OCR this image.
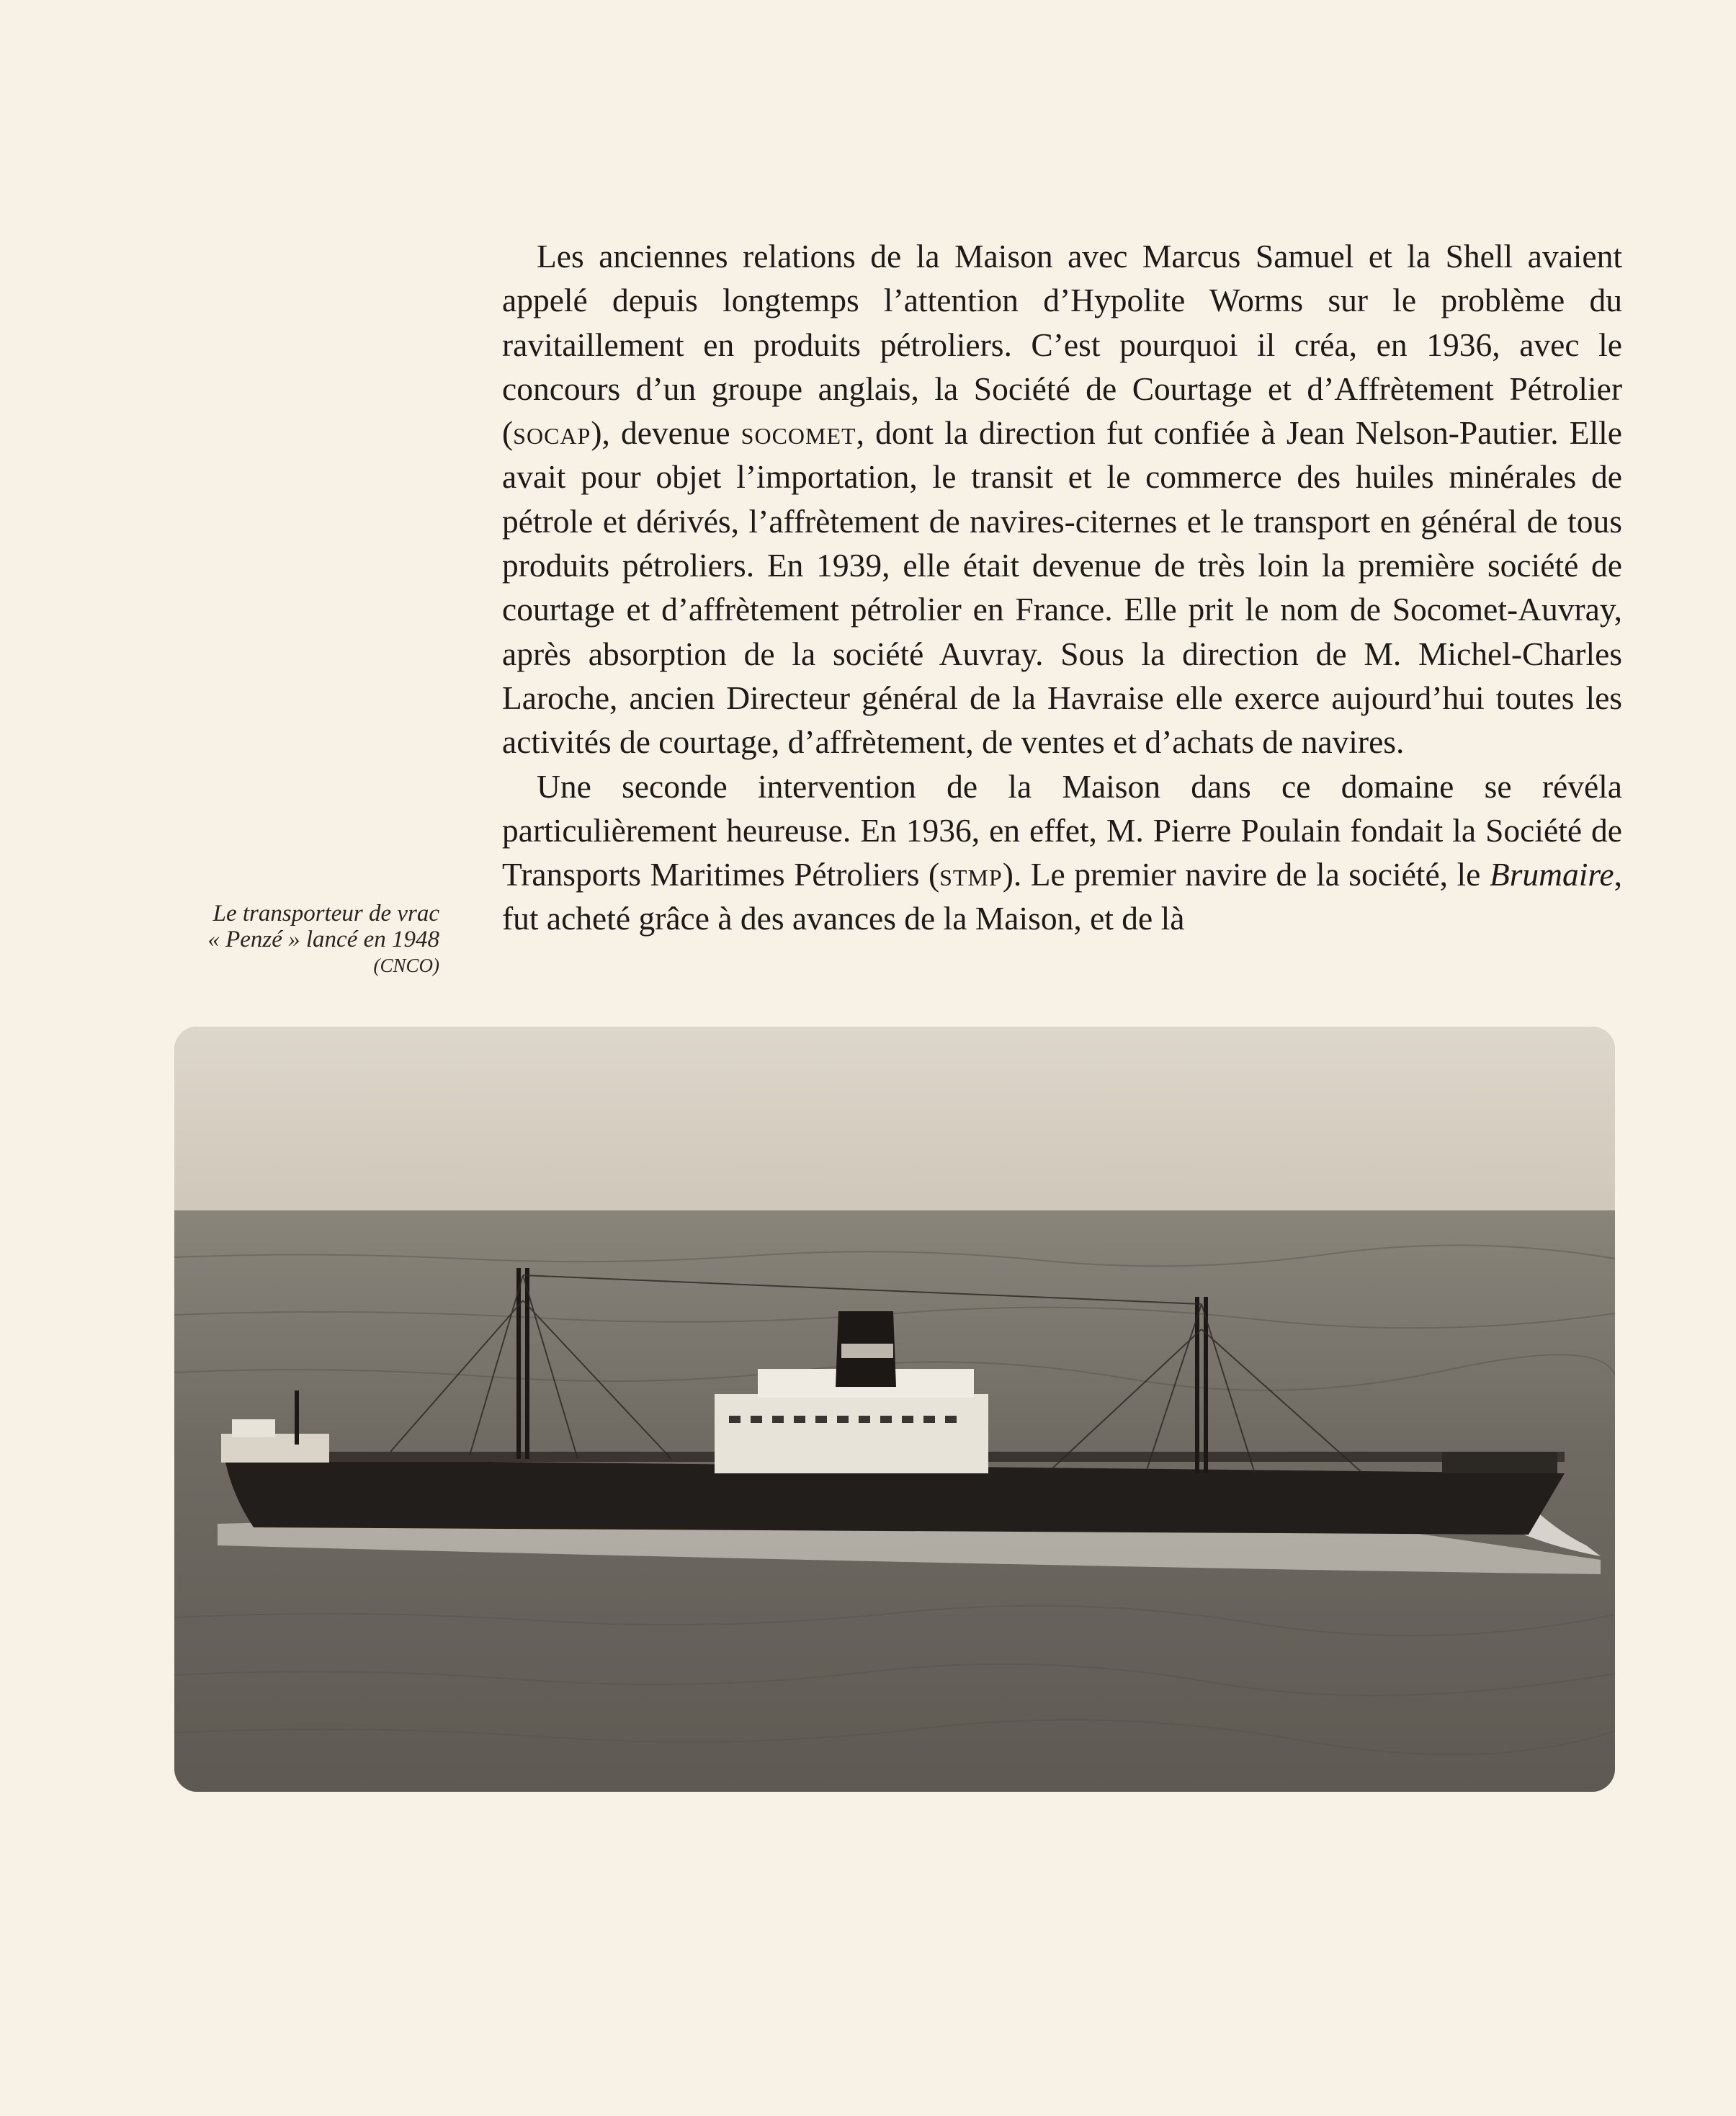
Les anciennes relations de la Maison avec Marcus Samuel et la Shell avaient appelé depuis longtemps l’attention d’Hypolite Worms sur le problème du ravitaillement en produits pétroliers. C’est pourquoi il créa, en 1936, avec le concours d’un groupe anglais, la Société de Courtage et d’Affrètement Pétrolier (socap), devenue socomet, dont la direction fut confiée à Jean Nelson-Pautier. Elle avait pour objet l’importation, le transit et le commerce des huiles minérales de pétrole et dérivés, l’affrètement de navires-citernes et le transport en général de tous produits pétroliers. En 1939, elle était devenue de très loin la première société de courtage et d’affrètement pétrolier en France. Elle prit le nom de Socomet-Auvray, après absorption de la société Auvray. Sous la direction de M. Michel-Charles Laroche, ancien Directeur général de la Havraise elle exerce aujourd’hui toutes les activités de courtage, d’affrètement, de ventes et d’achats de navires.

Une seconde intervention de la Maison dans ce domaine se révéla particulièrement heureuse. En 1936, en effet, M. Pierre Poulain fondait la Société de Transports Maritimes Pétroliers (stmp). Le premier navire de la société, le Brumaire, fut acheté grâce à des avances de la Maison, et de là

Le transporteur de vrac
« Penzé » lancé en 1948
(CNCO)
